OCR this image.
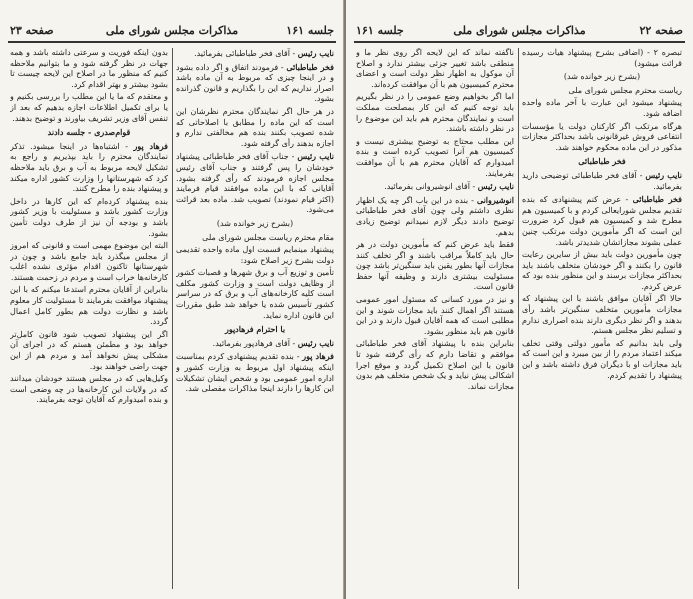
جلسه ۱۶۱
مذاکرات مجلس شورای ملی
صفحه ۲۳

نایب رئیس - آقای فخر طباطبائی بفرمائید.

فخر طباطبائی - فرمودند اتفاق و اگر داده بشود و در اینجا چیزی که مربوط به آن ماده باشد اصرار نداریم که این را بگذاریم و قانون گذرانده بشود.

در هر حال اگر نمایندگان محترم نظرشان این است که این ماده را مطابق با اصلاحاتی که شده تصویب بکنند بنده هم مخالفتی ندارم و اجازه بدهند رأی گرفته شود.

نایب رئیس - جناب آقای فخر طباطبائی پیشنهاد خودشان را پس گرفتند و جناب آقای رئیس مجلس اجازه فرمودند که رأی گرفته بشود. آقایانی که با این ماده موافقند قیام فرمایند (اکثر قیام نمودند) تصویب شد. ماده بعد قرائت می‌شود.

(بشرح زیر خوانده شد)

مقام محترم ریاست مجلس شورای ملی

پیشنهاد مینمایم قسمت اول ماده واحده تقدیمی دولت بشرح زیر اصلاح شود:

تأمین و توزیع آب و برق شهرها و قصبات کشور از وظایف دولت است و وزارت کشور مکلف است کلیه کارخانه‌های آب و برق که در سراسر کشور تأسیس شده یا خواهد شد طبق مقررات این قانون اداره نماید.

با احترام فرهادپور

نایب رئیس - آقای فرهادپور بفرمائید.

فرهاد پور - بنده تقدیم پیشنهادی کردم بمناسبت اینکه پیشنهاد اول مربوط به وزارت کشور و اداره امور عمومی بود و شخص ایشان تشکیلات این کارها را دارند اینجا مذاکرات مفصلی شد.

بدون اینکه فوریت و سرعتی داشته باشد و همه جهات در نظر گرفته شود و ما بتوانیم ملاحظه کنیم که منظور ما در اصلاح این لایحه چیست تا بشود بیشتر و بهتر اقدام کرد.

و معتقدم که ما یا این مطلب را بررسی بکنیم و یا برای تکمیل اطلاعات اجازه بدهیم که بعد از تنفس آقای وزیر تشریف بیاورند و توضیح بدهند.

قوام‌صدری - جلسه دادند

فرهاد پور - اشتباه‌ها در اینجا میشود. تذکر نمایندگان محترم را باید بپذیریم و راجع به تشکیل لایحه مربوط به آب و برق باید ملاحظه کرد که شهرستانها را وزارت کشور اداره میکند و پیشنهاد بنده را مطرح کنند.

بنده پیشنهاد کرده‌ام که این کارها در داخل وزارت کشور باشد و مسئولیت با وزیر کشور باشد و بودجه آن نیز از طرف دولت تأمین بشود.

البته این موضوع مهمی است و قانونی که امروز از مجلس میگذرد باید جامع باشد و چون در شهرستانها تاکنون اقدام مؤثری نشده اغلب کارخانه‌ها خراب است و مردم در زحمت هستند.

بنابراین از آقایان محترم استدعا میکنم که با این پیشنهاد موافقت بفرمایند تا مسئولیت کار معلوم باشد و نظارت دولت هم بطور کامل اعمال گردد.

اگر این پیشنهاد تصویب شود قانون کامل‌تر خواهد بود و مطمئن هستم که در اجرای آن مشکلی پیش نخواهد آمد و مردم هم از این جهت راضی خواهند بود.

وکیل‌هایی که در مجلس هستند خودشان میدانند که در ولایات این کارخانه‌ها در چه وضعی است و بنده امیدوارم که آقایان توجه بفرمایند.

صفحه ۲۲
مذاکرات مجلس شورای ملی
جلسه ۱۶۱

تبصره ۲ - (اضافی بشرح پیشنهاد هیأت رسیده قرائت میشود)

(بشرح زیر خوانده شد)

ریاست محترم مجلس شورای ملی

پیشنهاد میشود این عبارت با آخر ماده واحده اضافه شود.

هرگاه مرتکب اگر کارکنان دولت یا مؤسسات انتفاعی فروش غیرقانونی باشد بحداکثر مجازات مذکور در این ماده محکوم خواهند شد.

فخر طباطبائی

نایب رئیس - آقای فخر طباطبائی توضیحی دارید بفرمائید.

فخر طباطبائی - عرض کنم پیشنهادی که بنده تقدیم مجلس شورایعالی کردم و با کمیسیون هم مطرح شد و کمیسیون هم قبول کرد ضرورت این است که اگر مأمورین دولت مرتکب چنین عملی بشوند مجازاتشان شدیدتر باشد.

چون مأمورین دولت باید بیش از سایرین رعایت قانون را بکنند و اگر خودشان متخلف باشند باید بحداکثر مجازات برسند و این منظور بنده بود که عرض کردم.

حالا اگر آقایان موافق باشند با این پیشنهاد که مجازات مأمورین متخلف سنگین‌تر باشد رأی بدهند و اگر نظر دیگری دارند بنده اصراری ندارم و تسلیم نظر مجلس هستم.

ولی باید بدانیم که مأمور دولتی وقتی تخلف میکند اعتماد مردم را از بین میبرد و این است که باید مجازات او با دیگران فرق داشته باشد و این پیشنهاد را تقدیم کردم.

ناگفته نماند که این لایحه اگر روی نظر ما و منطقی باشد تغییر جزئی بیشتر ندارد و اصلاح آن موکول به اظهار نظر دولت است و اعضای محترم کمیسیون هم با آن موافقت کرده‌اند.

اما اگر بخواهیم وضع عمومی را در نظر بگیریم باید توجه کنیم که این کار بمصلحت مملکت است و نمایندگان محترم هم باید این موضوع را در نظر داشته باشند.

این مطلب محتاج به توضیح بیشتری نیست و کمیسیون هم آنرا تصویب کرده است و بنده امیدوارم که آقایان محترم هم با آن موافقت بفرمایند.

نایب رئیس - آقای انوشیروانی بفرمائید.

انوشیروانی - بنده در این باب اگر چه یک اظهار نظری داشتم ولی چون آقای فخر طباطبائی توضیح دادند دیگر لازم نمیدانم توضیح زیادی بدهم.

فقط باید عرض کنم که مأمورین دولت در هر حال باید کاملاً مراقب باشند و اگر تخلف کنند مجازات آنها بطور یقین باید سنگین‌تر باشد چون مسئولیت بیشتری دارند و وظیفه آنها حفظ قانون است.

و نیز در مورد کسانی که مسئول امور عمومی هستند اگر اهمال کنند باید مجازات شوند و این مطلبی است که همه آقایان قبول دارند و در این قانون هم باید منظور بشود.

بنابراین بنده با پیشنهاد آقای فخر طباطبائی موافقم و تقاضا دارم که رأی گرفته شود تا قانون با این اصلاح تکمیل گردد و موقع اجرا اشکالی پیش نیاید و یک شخص متخلف هم بدون مجازات نماند.
